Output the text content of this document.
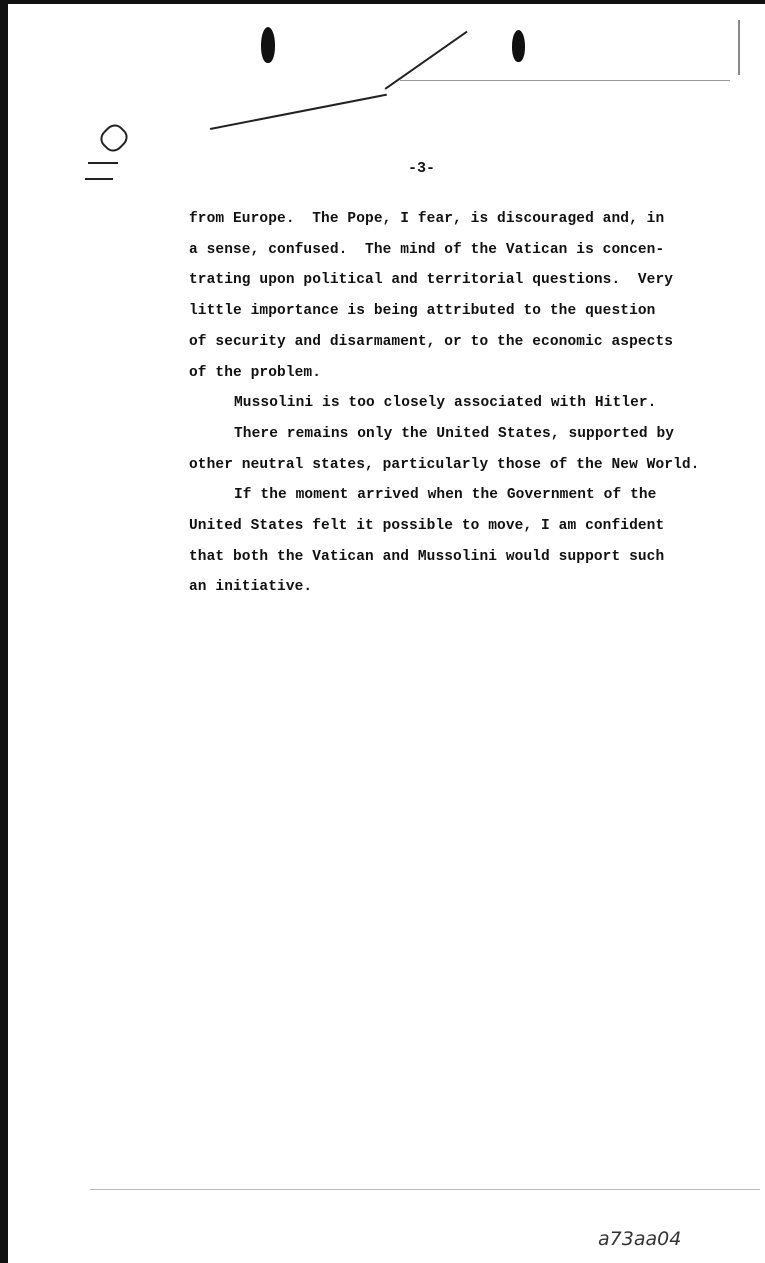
-3-
from Europe.  The Pope, I fear, is discouraged and, in
a sense, confused.  The mind of the Vatican is concen-
trating upon political and territorial questions.  Very
little importance is being attributed to the question
of security and disarmament, or to the economic aspects
of the problem.
Mussolini is too closely associated with Hitler.
There remains only the United States, supported by
other neutral states, particularly those of the New World.
If the moment arrived when the Government of the
United States felt it possible to move, I am confident
that both the Vatican and Mussolini would support such
an initiative.
a73aa04
